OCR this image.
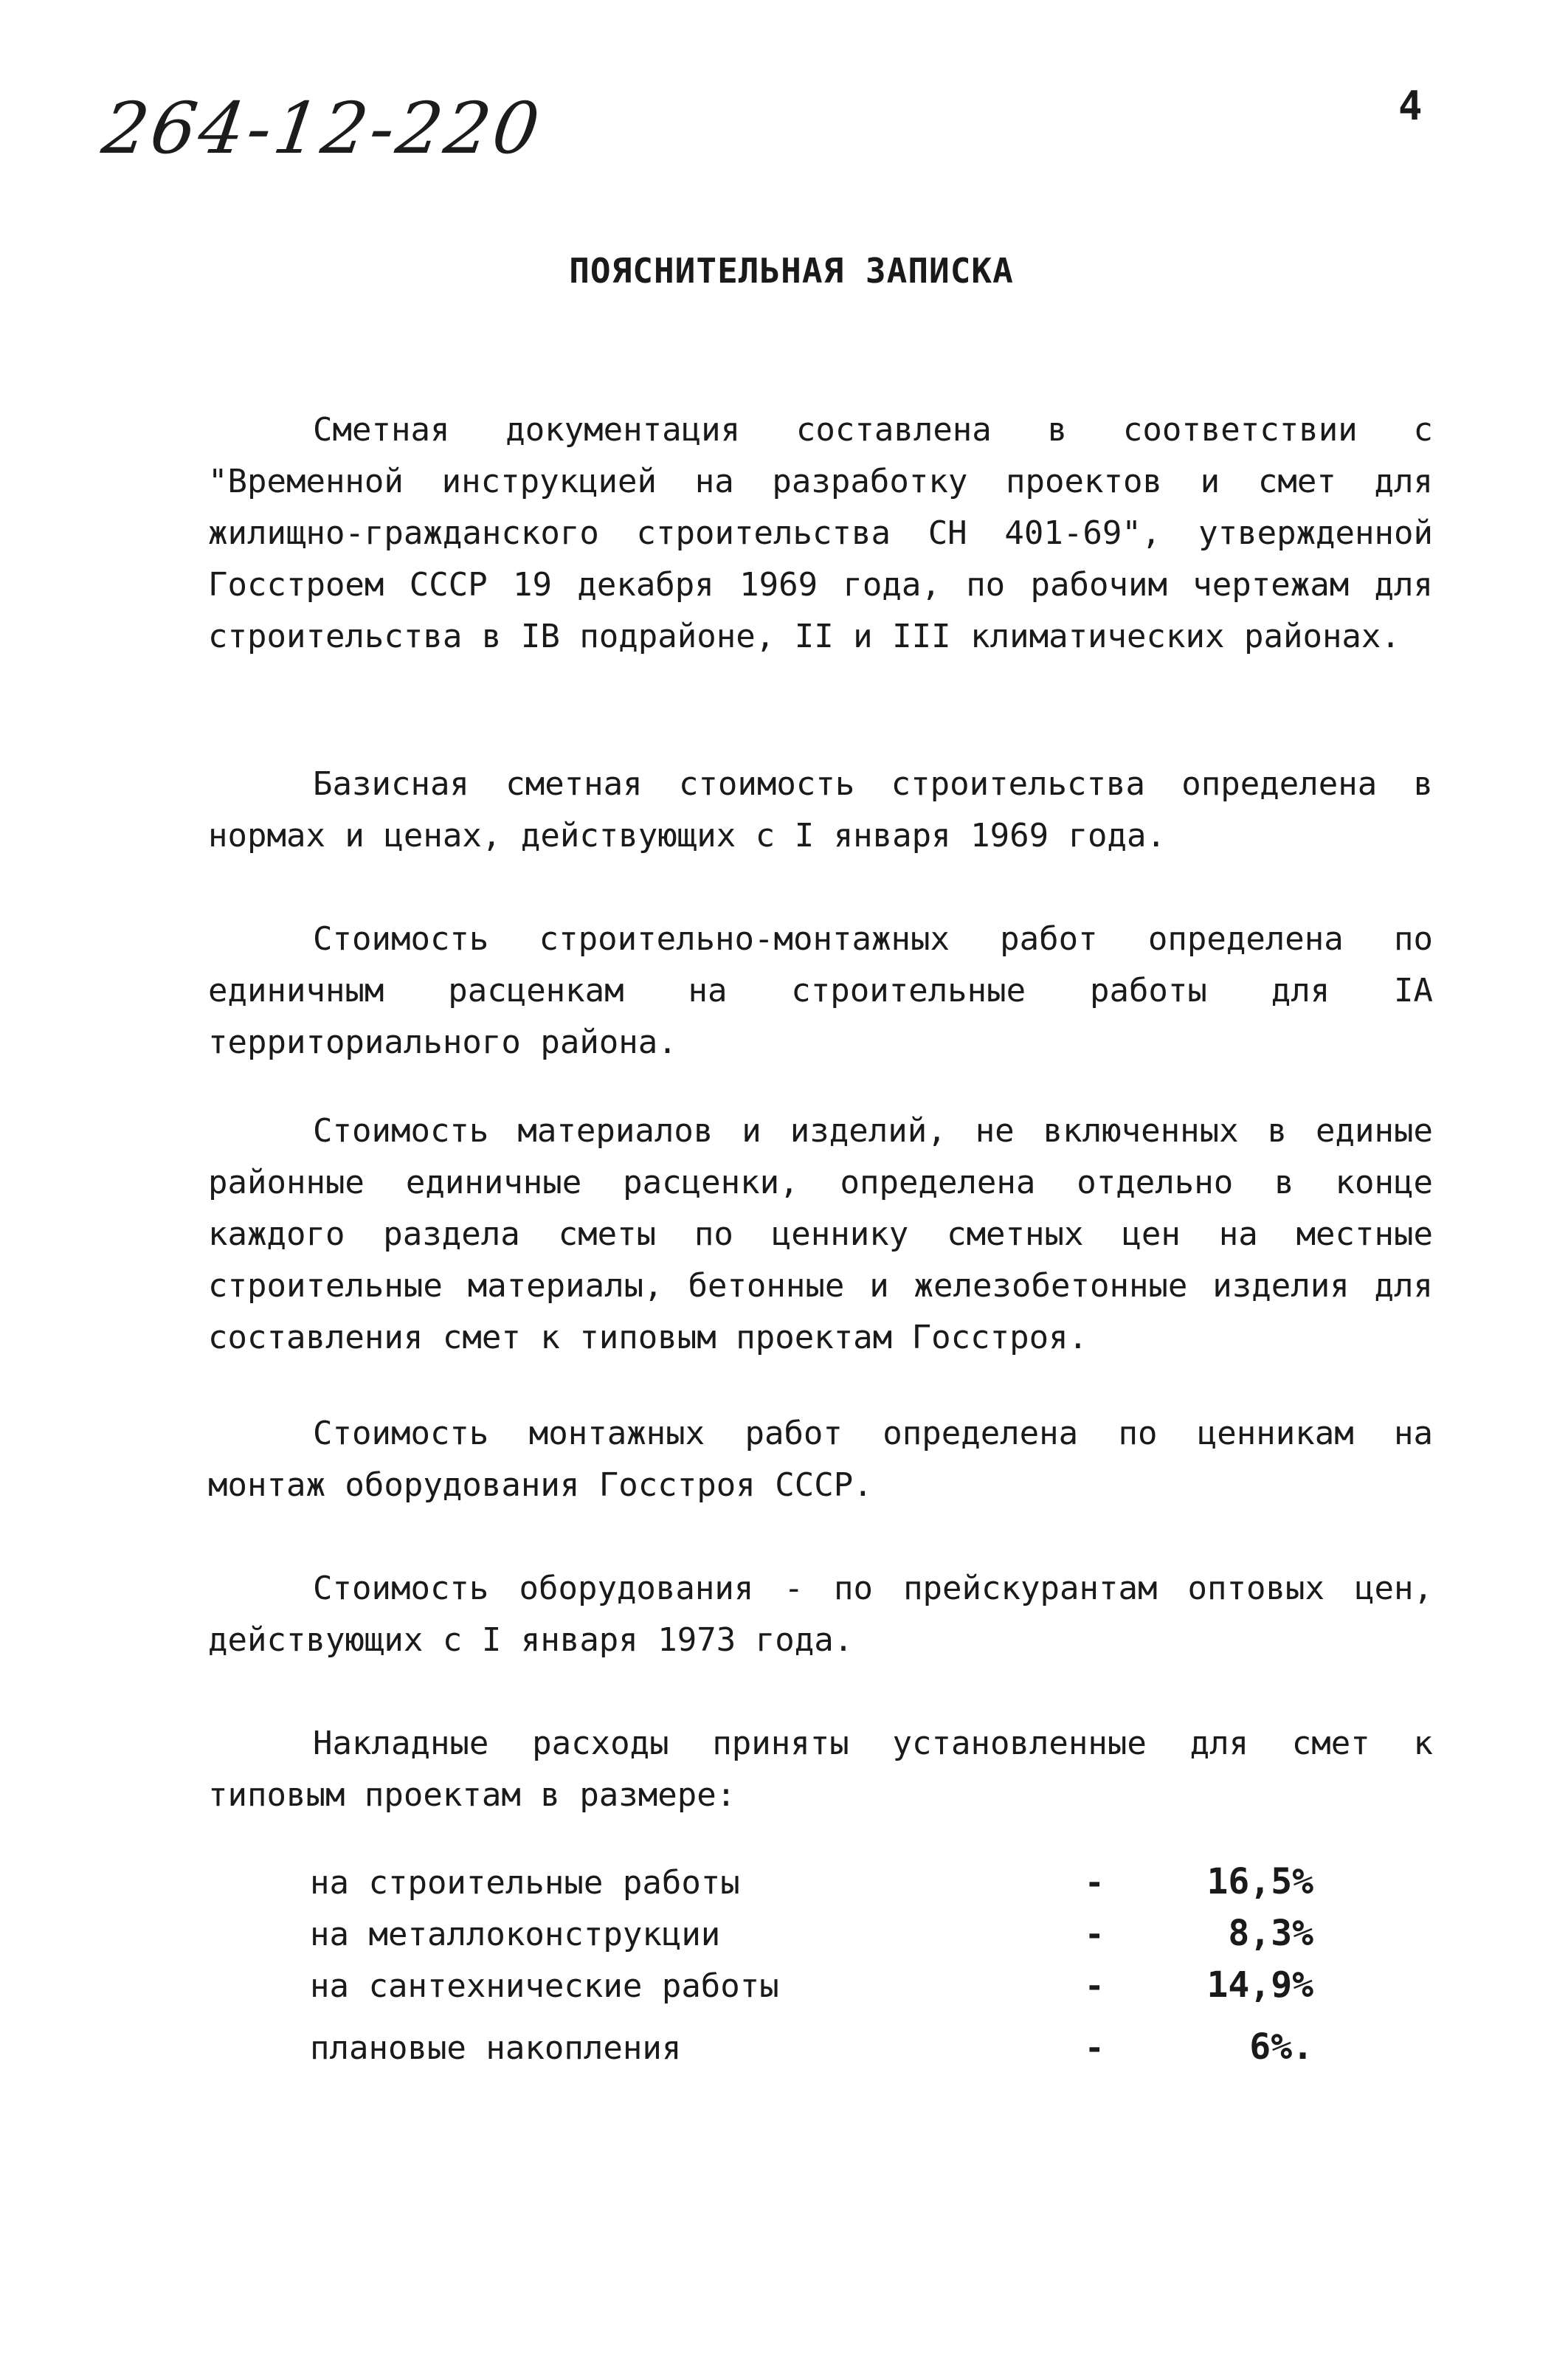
264-12-220	4
ПОЯСНИТЕЛЬНАЯ ЗАПИСКА

Сметная документация составлена в соответствии с "Временной инструкцией на разработку проектов и смет для жилищно-гражданского строительства СН 401-69", утвержденной Госстроем СССР 19 декабря 1969 года, по рабочим чертежам для строительства в IВ подрайоне, II и III климатических районах.

Базисная сметная стоимость строительства определена в нормах и ценах, действующих с I января 1969 года.

Стоимость строительно-монтажных работ определена по единичным расценкам на строительные работы для IА территориального района.

Стоимость материалов и изделий, не включенных в единые районные единичные расценки, определена отдельно в конце каждого раздела сметы по ценнику сметных цен на местные строительные материалы, бетонные и железобетонные изделия для составления смет к типовым проектам Госстроя.

Стоимость монтажных работ определена по ценникам на монтаж оборудования Госстроя СССР.

Стоимость оборудования - по прейскурантам оптовых цен, действующих с I января 1973 года.

Накладные расходы приняты установленные для смет к типовым проектам в размере:

на строительные работы	-	16,5%
на металлоконструкции	-	8,3%
на сантехнические работы	-	14,9%
плановые накопления	-	6%.
